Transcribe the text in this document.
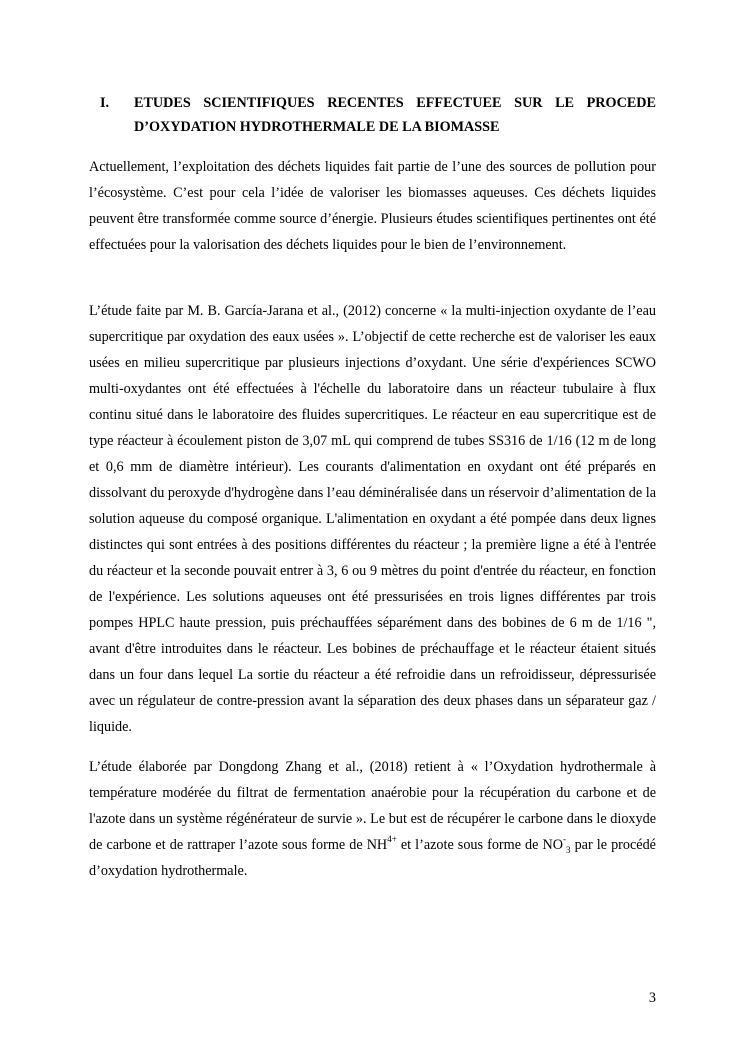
I. ETUDES SCIENTIFIQUES RECENTES EFFECTUEE SUR LE PROCEDE D’OXYDATION HYDROTHERMALE DE LA BIOMASSE

Actuellement, l’exploitation des déchets liquides fait partie de l’une des sources de pollution pour l’écosystème. C’est pour cela l’idée de valoriser les biomasses aqueuses. Ces déchets liquides peuvent être transformée comme source d’énergie. Plusieurs études scientifiques pertinentes ont été effectuées pour la valorisation des déchets liquides pour le bien de l’environnement.

L’étude faite par M. B. García-Jarana et al., (2012) concerne « la multi-injection oxydante de l’eau supercritique par oxydation des eaux usées ». L’objectif de cette recherche est de valoriser les eaux usées en milieu supercritique par plusieurs injections d’oxydant. Une série d'expériences SCWO multi-oxydantes ont été effectuées à l'échelle du laboratoire dans un réacteur tubulaire à flux continu situé dans le laboratoire des fluides supercritiques. Le réacteur en eau supercritique est de type réacteur à écoulement piston de 3,07 mL qui comprend de tubes SS316 de 1/16 (12 m de long et 0,6 mm de diamètre intérieur). Les courants d'alimentation en oxydant ont été préparés en dissolvant du peroxyde d'hydrogène dans l’eau déminéralisée dans un réservoir d’alimentation de la solution aqueuse du composé organique. L'alimentation en oxydant a été pompée dans deux lignes distinctes qui sont entrées à des positions différentes du réacteur ; la première ligne a été à l'entrée du réacteur et la seconde pouvait entrer à 3, 6 ou 9 mètres du point d'entrée du réacteur, en fonction de l'expérience. Les solutions aqueuses ont été pressurisées en trois lignes différentes par trois pompes HPLC haute pression, puis préchauffées séparément dans des bobines de 6 m de 1/16 ", avant d'être introduites dans le réacteur. Les bobines de préchauffage et le réacteur étaient situés dans un four dans lequel La sortie du réacteur a été refroidie dans un refroidisseur, dépressurisée avec un régulateur de contre-pression avant la séparation des deux phases dans un séparateur gaz / liquide.

L’étude élaborée par Dongdong Zhang et al., (2018) retient à « l’Oxydation hydrothermale à température modérée du filtrat de fermentation anaérobie pour la récupération du carbone et de l'azote dans un système régénérateur de survie ». Le but est de récupérer le carbone dans le dioxyde de carbone et de rattraper l’azote sous forme de $NH^{4+}$ et l’azote sous forme de $NO^-_3$ par le procédé d’oxydation hydrothermale.

3
